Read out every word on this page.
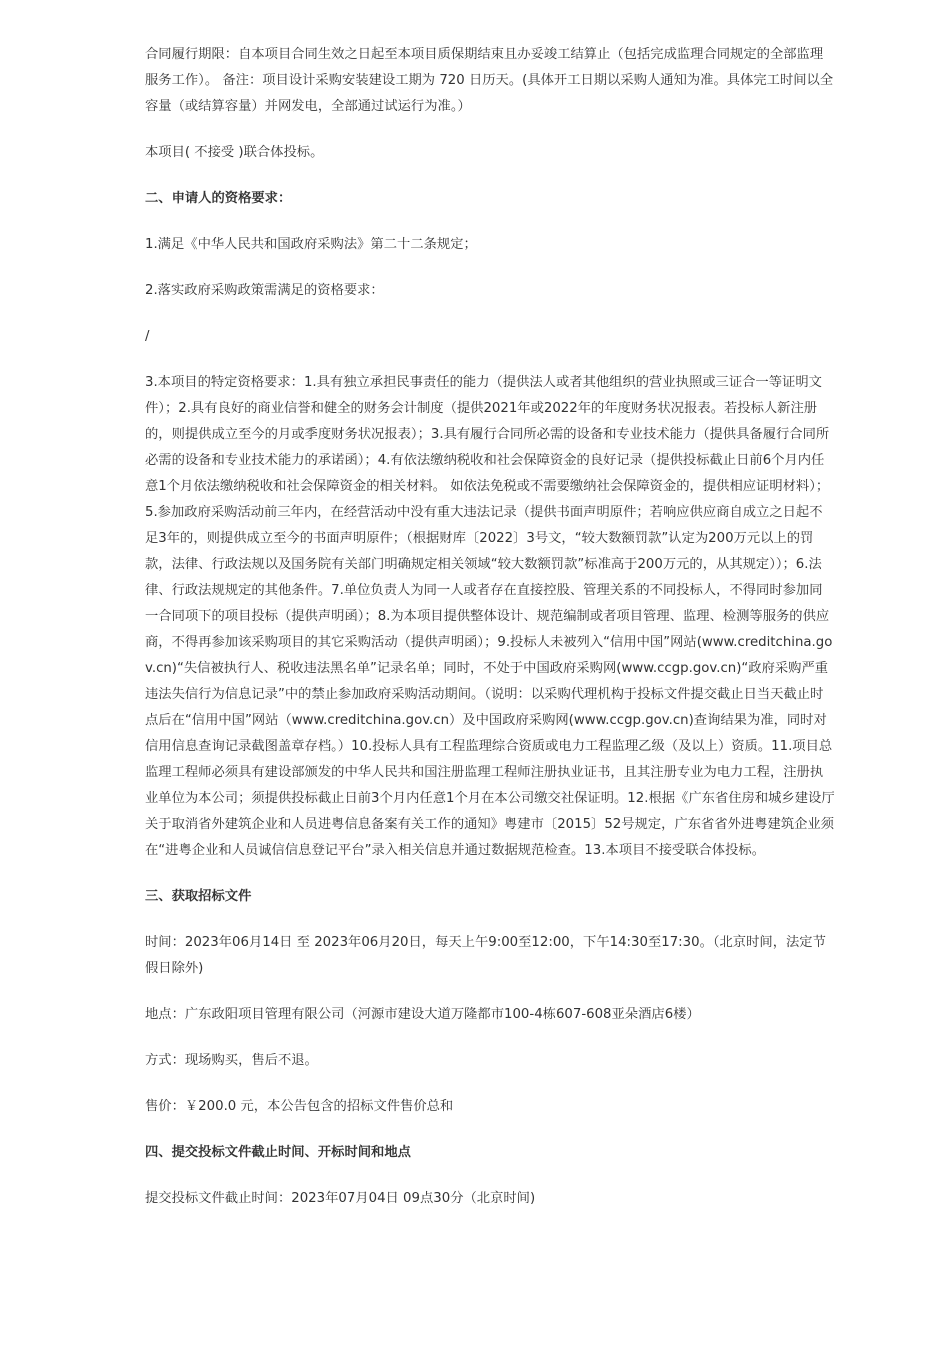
合同履行期限：自本项目合同生效之日起至本项目质保期结束且办妥竣工结算止（包括完成监理合同规定的全部监理服务工作）。 备注：项目设计采购安装建设工期为 720 日历天。(具体开工日期以采购人通知为准。具体完工时间以全容量（或结算容量）并网发电，全部通过试运行为准。）

本项目( 不接受 )联合体投标。

二、申请人的资格要求：

1.满足《中华人民共和国政府采购法》第二十二条规定；

2.落实政府采购政策需满足的资格要求：

/

3.本项目的特定资格要求：1.具有独立承担民事责任的能力（提供法人或者其他组织的营业执照或三证合一等证明文件）；2.具有良好的商业信誉和健全的财务会计制度（提供2021年或2022年的年度财务状况报表。若投标人新注册的，则提供成立至今的月或季度财务状况报表）；3.具有履行合同所必需的设备和专业技术能力（提供具备履行合同所必需的设备和专业技术能力的承诺函）；4.有依法缴纳税收和社会保障资金的良好记录（提供投标截止日前6个月内任意1个月依法缴纳税收和社会保障资金的相关材料。 如依法免税或不需要缴纳社会保障资金的，提供相应证明材料）；5.参加政府采购活动前三年内，在经营活动中没有重大违法记录（提供书面声明原件；若响应供应商自成立之日起不足3年的，则提供成立至今的书面声明原件；（根据财库〔2022〕3号文，“较大数额罚款”认定为200万元以上的罚款，法律、行政法规以及国务院有关部门明确规定相关领域“较大数额罚款”标准高于200万元的，从其规定））；6.法律、行政法规规定的其他条件。7.单位负责人为同一人或者存在直接控股、管理关系的不同投标人，不得同时参加同一合同项下的项目投标（提供声明函）；8.为本项目提供整体设计、规范编制或者项目管理、监理、检测等服务的供应商，不得再参加该采购项目的其它采购活动（提供声明函）；9.投标人未被列入“信用中国”网站(www.creditchina.gov.cn)“失信被执行人、税收违法黑名单”记录名单；同时，不处于中国政府采购网(www.ccgp.gov.cn)“政府采购严重违法失信行为信息记录”中的禁止参加政府采购活动期间。（说明：以采购代理机构于投标文件提交截止日当天截止时点后在“信用中国”网站（www.creditchina.gov.cn）及中国政府采购网(www.ccgp.gov.cn)查询结果为准，同时对信用信息查询记录截图盖章存档。）10.投标人具有工程监理综合资质或电力工程监理乙级（及以上）资质。11.项目总监理工程师必须具有建设部颁发的中华人民共和国注册监理工程师注册执业证书，且其注册专业为电力工程，注册执业单位为本公司；须提供投标截止日前3个月内任意1个月在本公司缴交社保证明。12.根据《广东省住房和城乡建设厅关于取消省外建筑企业和人员进粤信息备案有关工作的通知》粤建市〔2015〕52号规定，广东省省外进粤建筑企业须在“进粤企业和人员诚信信息登记平台”录入相关信息并通过数据规范检查。13.本项目不接受联合体投标。

三、获取招标文件

时间：2023年06月14日 至 2023年06月20日，每天上午9:00至12:00，下午14:30至17:30。（北京时间，法定节假日除外)

地点：广东政阳项目管理有限公司（河源市建设大道万隆都市100-4栋607-608亚朵酒店6楼）

方式：现场购买，售后不退。

售价：￥200.0 元，本公告包含的招标文件售价总和

四、提交投标文件截止时间、开标时间和地点

提交投标文件截止时间：2023年07月04日 09点30分（北京时间)
